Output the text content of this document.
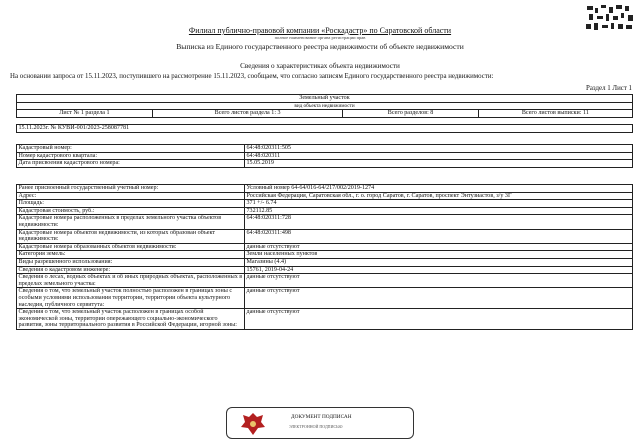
Филиал публично-правовой компании «Роскадастр» по Саратовской области
полное наименование органа регистрации прав
Выписка из Единого государственного реестра недвижимости об объекте недвижимости
Сведения о характеристиках объекта недвижимости
На основании запроса от 15.11.2023, поступившего на рассмотрение 15.11.2023, сообщаем, что согласно записям Единого государственного реестра недвижимости:
Раздел 1 Лист 1
Земельный участок
вид объекта недвижимости

Лист № 1 раздела 1	Всего листов раздела 1: 3	Всего разделов: 8	Всего листов выписки: 11
15.11.2023г. № КУВИ-001/2023-258087781
Кадастровый номер:	64:48:020311:505
Номер кадастрового квартала:	64:48:020311
Дата присвоения кадастрового номера:	15.05.2019
Ранее присвоенный государственный учетный номер:	Условный номер 64-64/016-64/217/002/2019-1274
Адрес:	Российская Федерация, Саратовская обл., г. о. город Саратов, г. Саратов, проспект Энтузиастов, з/у 3Г
Площадь:	371 +/- 6.74
Кадастровая стоимость, руб.:	732112.85
Кадастровые номера расположенных в пределах земельного участка объектов недвижимости:	64:48:020311:728
Кадастровые номера объектов недвижимости, из которых образован объект недвижимости:	64:48:020311:498
Кадастровые номера образованных объектов недвижимости:	данные отсутствуют
Категория земель:	Земли населенных пунктов
Виды разрешенного использования:	Магазины (4.4)
Сведения о кадастровом инженере:	15761, 2019-04-24
Сведения о лесах, водных объектах и об иных природных объектах, расположенных в пределах земельного участка:	данные отсутствуют
Сведения о том, что земельный участок полностью расположен в границах зоны с особыми условиями использования территории, территории объекта культурного наследия, публичного сервитута:	данные отсутствуют
Сведения о том, что земельный участок расположен в границах особой экономической зоны, территории опережающего социально-экономического развития, зоны территориального развития в Российской Федерации, игорной зоны:	данные отсутствуют
ДОКУМЕНТ ПОДПИСАН
ЭЛЕКТРОННОЙ ПОДПИСЬЮ
